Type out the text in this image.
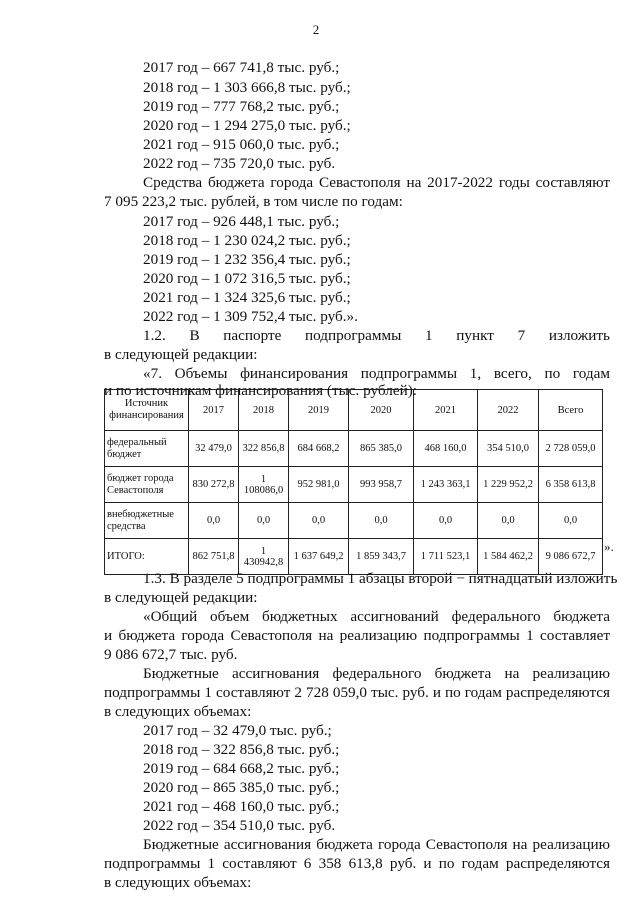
2
2017 год – 667 741,8 тыс. руб.;
2018 год – 1 303 666,8 тыс. руб.;
2019 год – 777 768,2 тыс. руб.;
2020 год – 1 294 275,0 тыс. руб.;
2021 год – 915 060,0 тыс. руб.;
2022 год – 735 720,0 тыс. руб.
Средства бюджета города Севастополя на 2017-2022 годы составляют
7 095 223,2 тыс. рублей, в том числе по годам:
2017 год – 926 448,1 тыс. руб.;
2018 год – 1 230 024,2 тыс. руб.;
2019 год – 1 232 356,4 тыс. руб.;
2020 год – 1 072 316,5 тыс. руб.;
2021 год – 1 324 325,6 тыс. руб.;
2022 год – 1 309 752,4 тыс. руб.».
1.2. В паспорте подпрограммы 1 пункт 7 изложить
в следующей редакции:
«7. Объемы финансирования подпрограммы 1, всего, по годам
и по источникам финансирования (тыс. рублей):
Источник
финансирования	2017	2018	2019	2020	2021	2022	Всего
федеральный
бюджет	32 479,0	322 856,8	684 668,2	865 385,0	468 160,0	354 510,0	2 728 059,0
бюджет города
Севастополя	830 272,8	1 108086,0	952 981,0	993 958,7	1 243 363,1	1 229 952,2	6 358 613,8
внебюджетные
средства	0,0	0,0	0,0	0,0	0,0	0,0	0,0
ИТОГО:	862 751,8	1 430942,8	1 637 649,2	1 859 343,7	1 711 523,1	1 584 462,2	9 086 672,7
».
1.3. В разделе 5 подпрограммы 1 абзацы второй − пятнадцатый изложить
в следующей редакции:
«Общий объем бюджетных ассигнований федерального бюджета
и бюджета города Севастополя на реализацию подпрограммы 1 составляет
9 086 672,7 тыс. руб.
Бюджетные ассигнования федерального бюджета на реализацию
подпрограммы 1 составляют 2 728 059,0 тыс. руб. и по годам распределяются
в следующих объемах:
2017 год – 32 479,0 тыс. руб.;
2018 год – 322 856,8 тыс. руб.;
2019 год – 684 668,2 тыс. руб.;
2020 год – 865 385,0 тыс. руб.;
2021 год – 468 160,0 тыс. руб.;
2022 год – 354 510,0 тыс. руб.
Бюджетные ассигнования бюджета города Севастополя на реализацию
подпрограммы 1 составляют 6 358 613,8 руб. и по годам распределяются
в следующих объемах:
